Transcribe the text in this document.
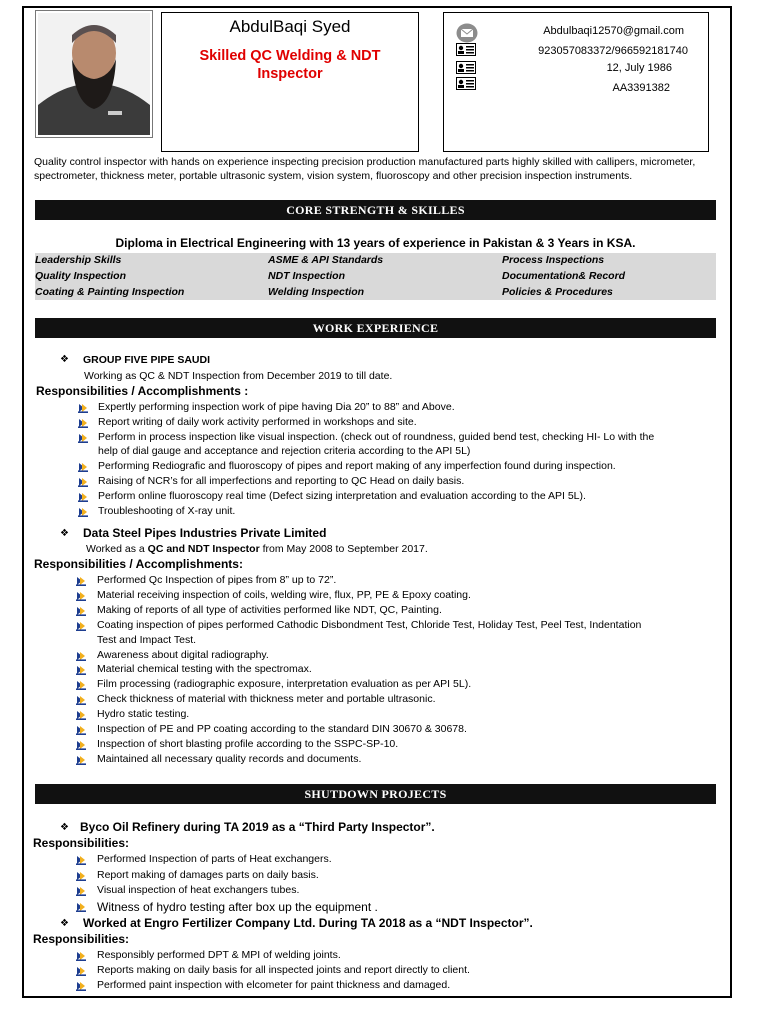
AbdulBaqi Syed
Skilled QC Welding & NDT Inspector
Abdulbaqi12570@gmail.com
923057083372/966592181740
12, July 1986
AA3391382
Quality control inspector with hands on experience inspecting precision production manufactured parts highly skilled with callipers, micrometer, spectrometer, thickness meter, portable ultrasonic system, vision system, fluoroscopy and other precision inspection instruments.
CORE STRENGTH & SKILLES
Diploma in Electrical Engineering with 13 years of experience in Pakistan & 3 Years in KSA.
Leadership Skills	ASME & API Standards	Process Inspections
Quality Inspection	NDT Inspection	Documentation& Record
Coating & Painting Inspection	Welding Inspection	Policies & Procedures
WORK EXPERIENCE
❖ GROUP FIVE PIPE SAUDI
Working as QC & NDT Inspection from December 2019 to till date.
Responsibilities / Accomplishments :
Expertly performing inspection work of pipe having Dia 20” to 88” and Above.
Report writing of daily work activity performed in workshops and site.
Perform in process inspection like visual inspection. (check out of roundness, guided bend test, checking HI- Lo with the
help of dial gauge and acceptance and rejection criteria according to the API 5L)
Performing Rediografic and fluoroscopy of pipes and report making of any imperfection found during inspection.
Raising of NCR’s for all imperfections and reporting to QC Head on daily basis.
Perform online fluoroscopy real time (Defect sizing interpretation and evaluation according to the API 5L).
Troubleshooting of X-ray unit.
❖ Data Steel Pipes Industries Private Limited
Worked as a QC and NDT Inspector from May 2008 to September 2017.
Responsibilities / Accomplishments:
Performed Qc Inspection of pipes from 8” up to 72”.
Material receiving inspection of coils, welding wire, flux, PP, PE & Epoxy coating.
Making of reports of all type of activities performed like NDT, QC, Painting.
Coating inspection of pipes performed Cathodic Disbondment Test, Chloride Test, Holiday Test, Peel Test, Indentation
Test and Impact Test.
Awareness about digital radiography.
Material chemical testing with the spectromax.
Film processing (radiographic exposure, interpretation evaluation as per API 5L).
Check thickness of material with thickness meter and portable ultrasonic.
Hydro static testing.
Inspection of PE and PP coating according to the standard DIN 30670 & 30678.
Inspection of short blasting profile according to the SSPC-SP-10.
Maintained all necessary quality records and documents.
SHUTDOWN PROJECTS
❖ Byco Oil Refinery during TA 2019 as a “Third Party Inspector”.
Responsibilities:
Performed Inspection of parts of Heat exchangers.
Report making of damages parts on daily basis.
Visual inspection of heat exchangers tubes.
Witness of hydro testing after box up the equipment .
❖ Worked at Engro Fertilizer Company Ltd. During TA 2018 as a “NDT Inspector”.
Responsibilities:
Responsibly performed DPT & MPI of welding joints.
Reports making on daily basis for all inspected joints and report directly to client.
Performed paint inspection with elcometer for paint thickness and damaged.
